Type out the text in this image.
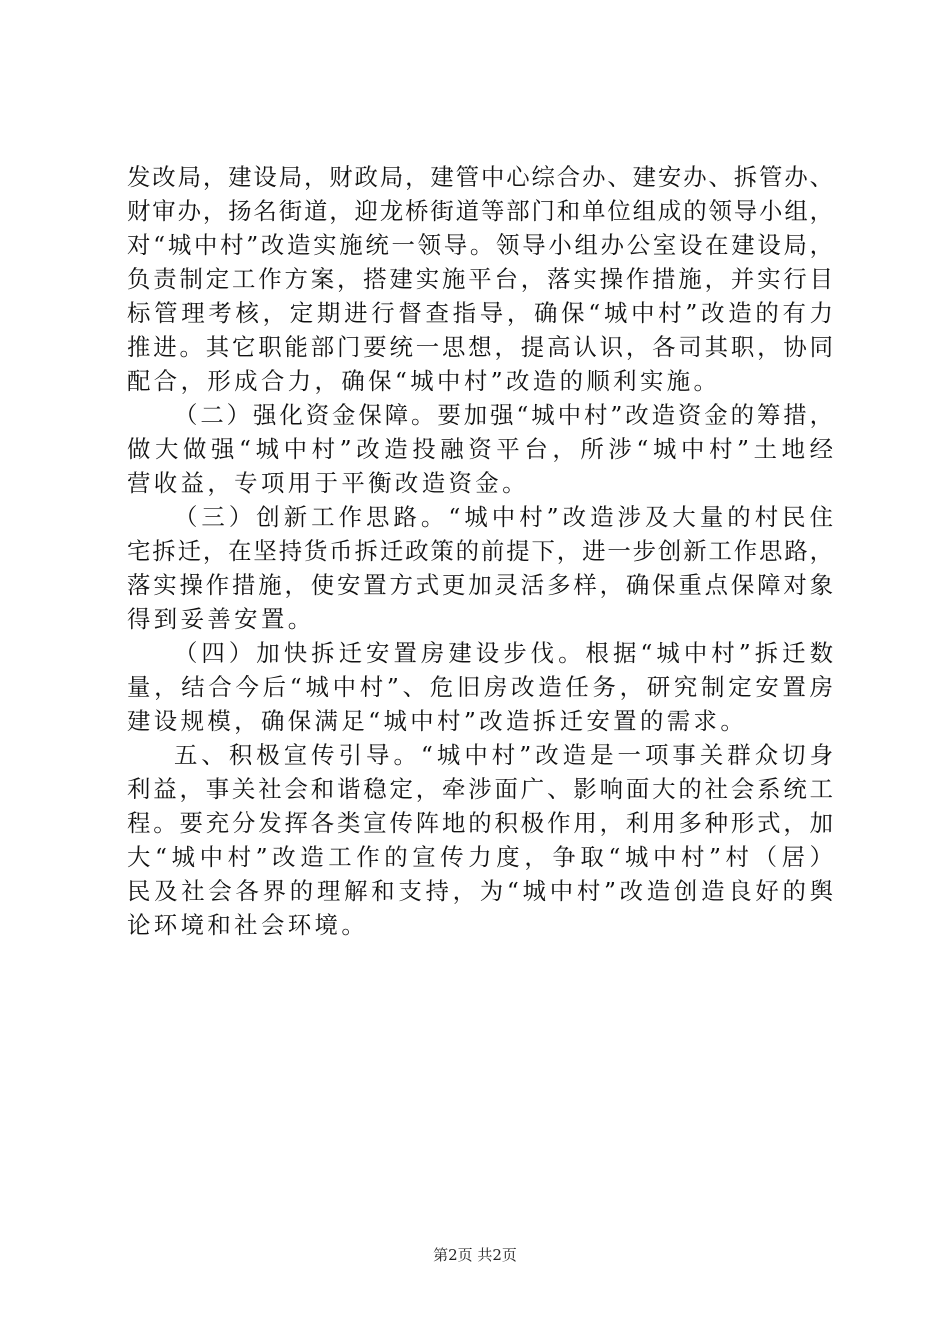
发改局，建设局，财政局，建管中心综合办、建安办、拆管办、
财审办，扬名街道，迎龙桥街道等部门和单位组成的领导小组，
对“城中村”改造实施统一领导。领导小组办公室设在建设局，
负责制定工作方案，搭建实施平台，落实操作措施，并实行目
标管理考核，定期进行督查指导，确保“城中村”改造的有力
推进。其它职能部门要统一思想，提高认识，各司其职，协同
配合，形成合力，确保“城中村”改造的顺利实施。
（二）强化资金保障。要加强“城中村”改造资金的筹措，
做大做强“城中村”改造投融资平台，所涉“城中村”土地经
营收益，专项用于平衡改造资金。
（三）创新工作思路。“城中村”改造涉及大量的村民住
宅拆迁，在坚持货币拆迁政策的前提下，进一步创新工作思路，
落实操作措施，使安置方式更加灵活多样，确保重点保障对象
得到妥善安置。
（四）加快拆迁安置房建设步伐。根据“城中村”拆迁数
量，结合今后“城中村”、危旧房改造任务，研究制定安置房
建设规模，确保满足“城中村”改造拆迁安置的需求。
五、积极宣传引导。“城中村”改造是一项事关群众切身
利益，事关社会和谐稳定，牵涉面广、影响面大的社会系统工
程。要充分发挥各类宣传阵地的积极作用，利用多种形式，加
大“城中村”改造工作的宣传力度，争取“城中村”村（居）
民及社会各界的理解和支持，为“城中村”改造创造良好的舆
论环境和社会环境。
第2页 共2页
